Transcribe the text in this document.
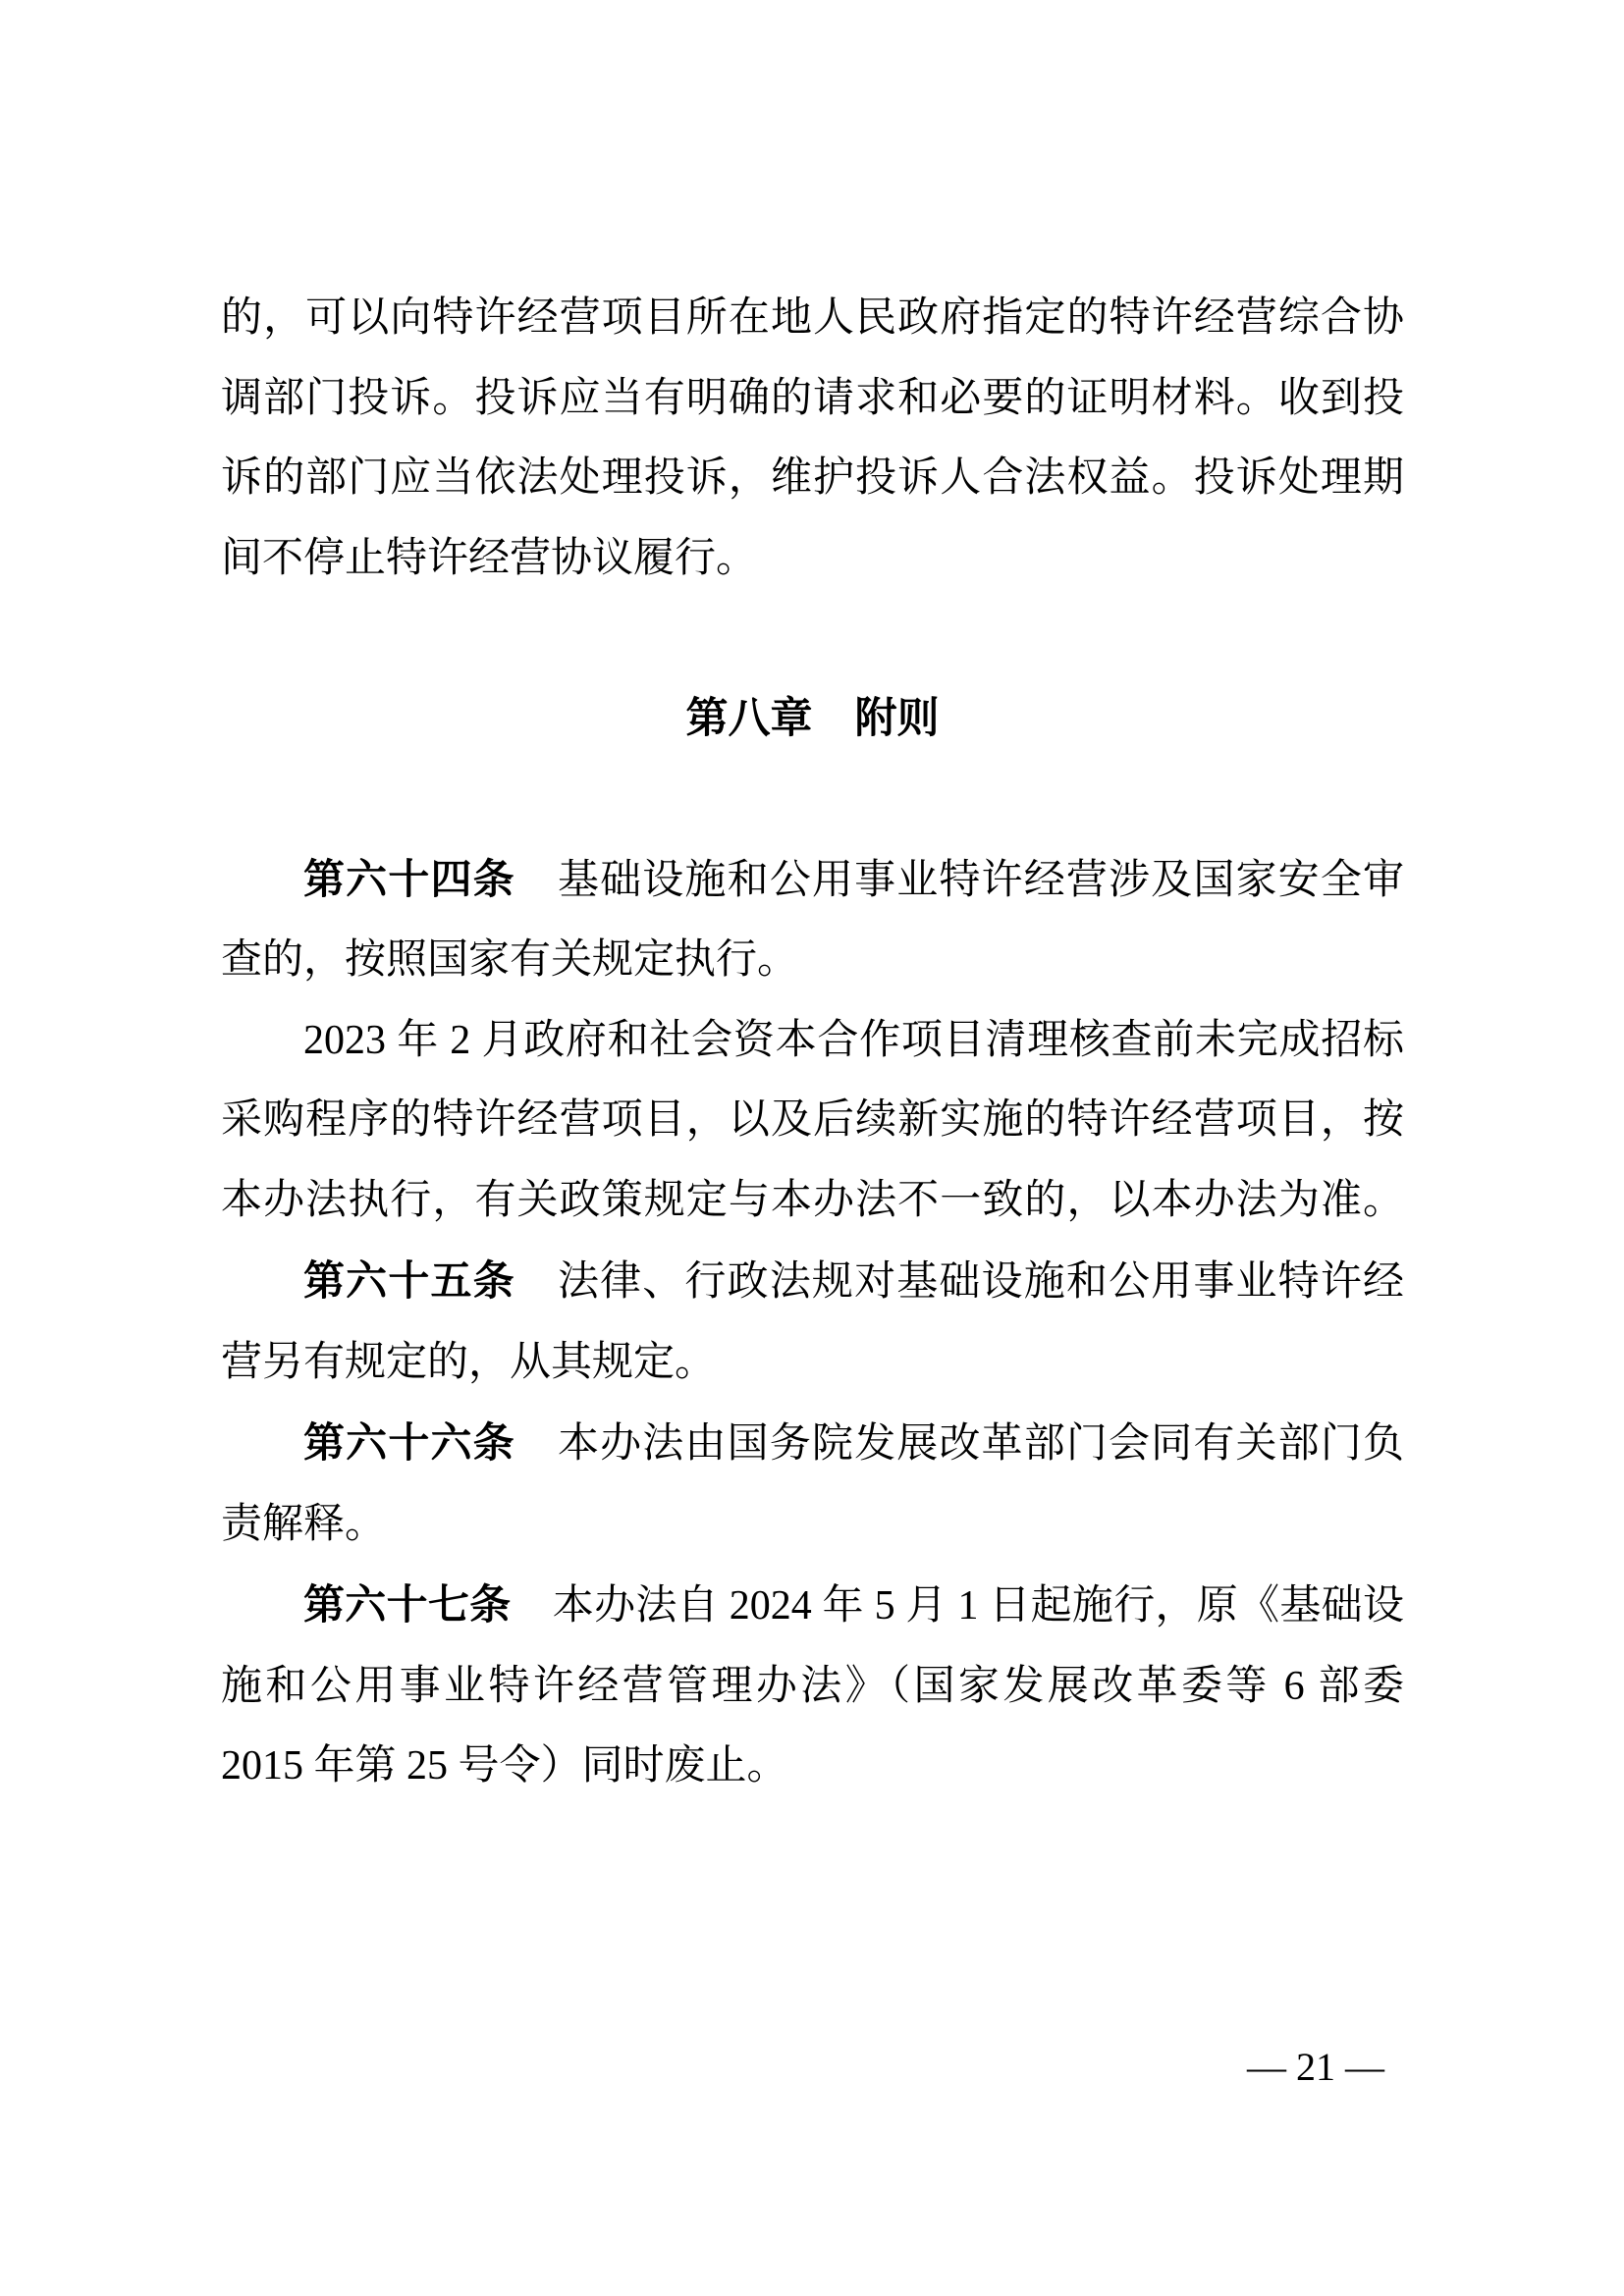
的，可以向特许经营项目所在地人民政府指定的特许经营综合协
调部门投诉。投诉应当有明确的请求和必要的证明材料。收到投
诉的部门应当依法处理投诉，维护投诉人合法权益。投诉处理期
间不停止特许经营协议履行。
第八章　附则
第六十四条　基础设施和公用事业特许经营涉及国家安全审
查的，按照国家有关规定执行。
2023 年 2 月政府和社会资本合作项目清理核查前未完成招标
采购程序的特许经营项目，以及后续新实施的特许经营项目，按
本办法执行，有关政策规定与本办法不一致的，以本办法为准。
第六十五条　法律、行政法规对基础设施和公用事业特许经
营另有规定的，从其规定。
第六十六条　本办法由国务院发展改革部门会同有关部门负
责解释。
第六十七条　本办法自 2024 年 5 月 1 日起施行，原《基础设
施和公用事业特许经营管理办法》（国家发展改革委等 6 部委
2015 年第 25 号令）同时废止。
— 21 —
